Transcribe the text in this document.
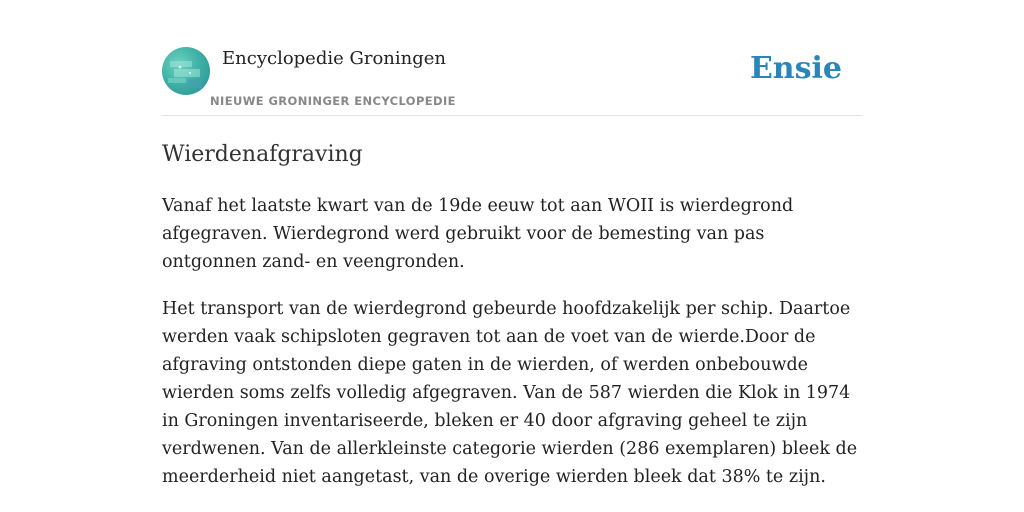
Encyclopedie Groningen
NIEUWE GRONINGER ENCYCLOPEDIE
Ensie
Wierdenafgraving

Vanaf het laatste kwart van de 19de eeuw tot aan WOII is wierdegrond afgegraven. Wierdegrond werd gebruikt voor de bemesting van pas ontgonnen zand- en veengronden.

Het transport van de wierdegrond gebeurde hoofdzakelijk per schip. Daartoe werden vaak schipsloten gegraven tot aan de voet van de wierde.Door de afgraving ontstonden diepe gaten in de wierden, of werden onbebouwde wierden soms zelfs volledig afgegraven. Van de 587 wierden die Klok in 1974 in Groningen inventariseerde, bleken er 40 door afgraving geheel te zijn verdwenen. Van de allerkleinste categorie wierden (286 exemplaren) bleek de meerderheid niet aangetast, van de overige wierden bleek dat 38% te zijn.
